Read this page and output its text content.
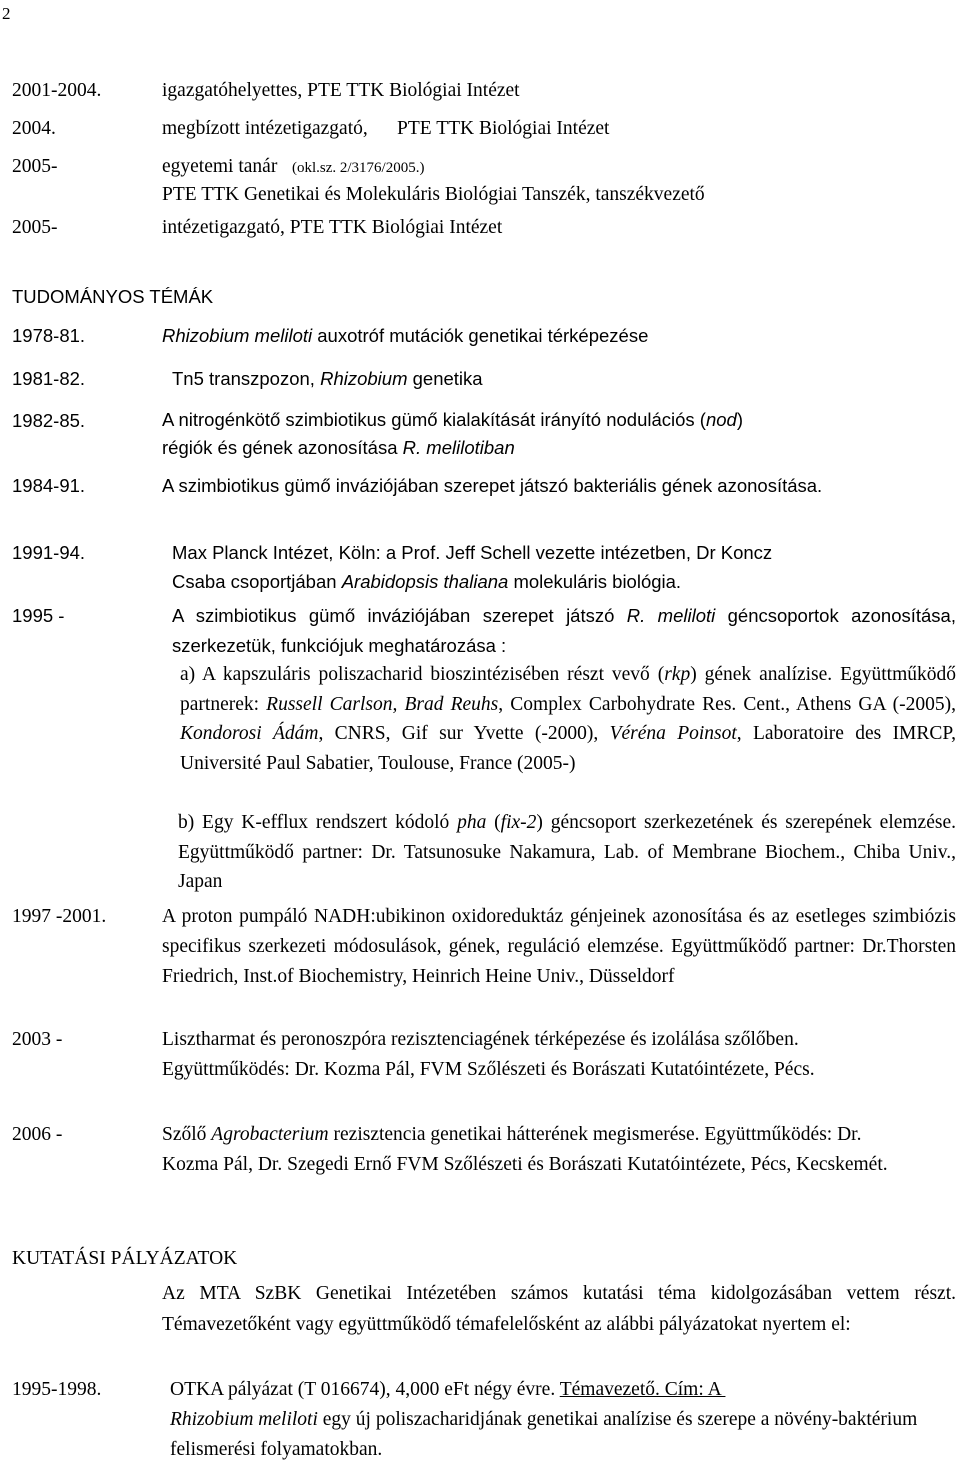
2
2001-2004.	igazgatóhelyettes, PTE TTK Biológiai Intézet
2004.	megbízott intézetigazgató,      PTE TTK Biológiai Intézet
2005-	egyetemi tanár (okl.sz. 2/3176/2005.)
PTE TTK Genetikai és Molekuláris Biológiai Tanszék, tanszékvezető
2005-	intézetigazgató, PTE TTK Biológiai Intézet
TUDOMÁNYOS TÉMÁK
1978-81.	Rhizobium meliloti auxotróf mutációk genetikai térképezése
1981-82.	Tn5 transzpozon, Rhizobium genetika
1982-85.	A nitrogénkötő szimbiotikus gümő kialakítását irányító nodulációs (nod)
régiók és gének azonosítása R. melilotiban
1984-91.	A szimbiotikus gümő inváziójában szerepet játszó bakteriális gének azonosítása.
1991-94.	Max Planck Intézet, Köln: a Prof. Jeff Schell vezette intézetben, Dr Koncz
Csaba csoportjában Arabidopsis thaliana molekuláris biológia.
1995 -	A szimbiotikus gümő inváziójában szerepet játszó R. meliloti géncsoportok azonosítása, szerkezetük, funkciójuk meghatározása :
a) A kapszuláris poliszacharid bioszintézisében részt vevő (rkp) gének analízise. Együttműködő partnerek: Russell Carlson, Brad Reuhs, Complex Carbohydrate Res. Cent., Athens GA (-2005), Kondorosi Ádám, CNRS, Gif sur Yvette (-2000), Véréna Poinsot, Laboratoire des IMRCP, Université Paul Sabatier, Toulouse, France (2005-)
b) Egy K-efflux rendszert kódoló pha (fix-2) géncsoport szerkezetének és szerepének elemzése. Együttműködő partner: Dr. Tatsunosuke Nakamura, Lab. of Membrane Biochem., Chiba Univ., Japan
1997 -2001.	A proton pumpáló NADH:ubikinon oxidoreduktáz génjeinek azonosítása és az esetleges szimbiózis specifikus szerkezeti módosulások, gének, reguláció elemzése. Együttműködő partner: Dr.Thorsten Friedrich, Inst.of Biochemistry, Heinrich Heine Univ., Düsseldorf
2003 -	Lisztharmat és peronoszpóra rezisztenciagének térképezése és izolálása szőlőben. Együttműködés: Dr. Kozma Pál, FVM Szőlészeti és Borászati Kutatóintézete, Pécs.
2006 -	Szőlő Agrobacterium rezisztencia genetikai hátterének megismerése. Együttműködés: Dr. Kozma Pál, Dr. Szegedi Ernő FVM Szőlészeti és Borászati Kutatóintézete, Pécs, Kecskemét.
KUTATÁSI PÁLYÁZATOK
Az MTA SzBK Genetikai Intézetében számos kutatási téma kidolgozásában vettem részt. Témavezetőként vagy együttműködő témafelelősként az alábbi pályázatokat nyertem el:
1995-1998.	OTKA pályázat (T 016674), 4,000 eFt négy évre. Témavezető. Cím: A
Rhizobium meliloti egy új poliszacharidjának genetikai analízise és szerepe a növény-baktérium felismerési folyamatokban.
